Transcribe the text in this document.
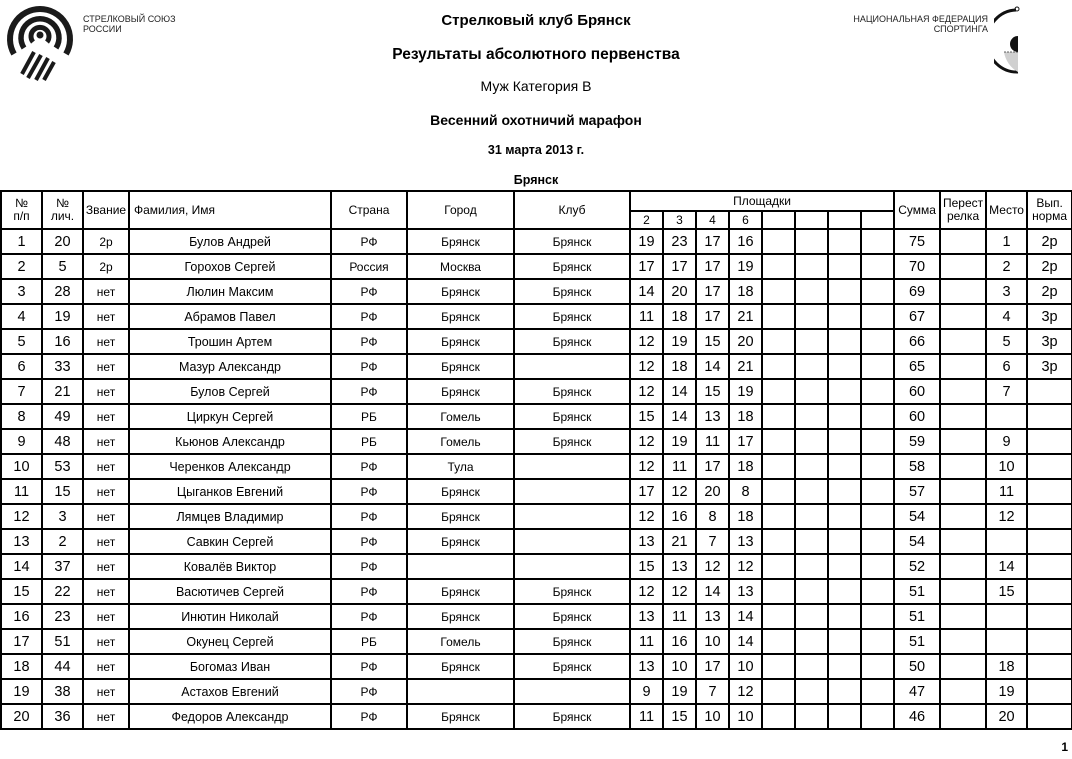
СТРЕЛКОВЫЙ СОЮЗ
РОССИИ
НАЦИОНАЛЬНАЯ ФЕДЕРАЦИЯ
СПОРТИНГА
Стрелковый клуб Брянск
Результаты абсолютного первенства
Муж Категория В
Весенний охотничий марафон
31 марта 2013 г.
Брянск
№
п/п

№
лич.	Звание	Фамилия, Имя	Страна	Город	Клуб	Площадки	Сумма	Перест
релка	Место	Вып.
норма

							2	3	4	6								
1	20	2р	Булов Андрей	РФ	Брянск	Брянск	19	23	17	16					75		1	2р
2	5	2р	Горохов Сергей	Россия	Москва	Брянск	17	17	17	19					70		2	2р
3	28	нет	Люлин Максим	РФ	Брянск	Брянск	14	20	17	18					69		3	2р
4	19	нет	Абрамов Павел	РФ	Брянск	Брянск	11	18	17	21					67		4	3р
5	16	нет	Трошин Артем	РФ	Брянск	Брянск	12	19	15	20					66		5	3р
6	33	нет	Мазур Александр	РФ	Брянск		12	18	14	21					65		6	3р
7	21	нет	Булов Сергей	РФ	Брянск	Брянск	12	14	15	19					60		7	
8	49	нет	Циркун Сергей	РБ	Гомель	Брянск	15	14	13	18					60			
9	48	нет	Кьюнов Александр	РБ	Гомель	Брянск	12	19	11	17					59		9	
10	53	нет	Черенков Александр	РФ	Тула		12	11	17	18					58		10	
11	15	нет	Цыганков Евгений	РФ	Брянск		17	12	20	8					57		11	
12	3	нет	Лямцев Владимир	РФ	Брянск		12	16	8	18					54		12	
13	2	нет	Савкин Сергей	РФ	Брянск		13	21	7	13					54			
14	37	нет	Ковалёв Виктор	РФ			15	13	12	12					52		14	
15	22	нет	Васютичев Сергей	РФ	Брянск	Брянск	12	12	14	13					51		15	
16	23	нет	Инютин Николай	РФ	Брянск	Брянск	13	11	13	14					51			
17	51	нет	Окунец Сергей	РБ	Гомель	Брянск	11	16	10	14					51			
18	44	нет	Богомаз Иван	РФ	Брянск	Брянск	13	10	17	10					50		18	
19	38	нет	Астахов Евгений	РФ			9	19	7	12					47		19	
20	36	нет	Федоров Александр	РФ	Брянск	Брянск	11	15	10	10					46		20	
1
